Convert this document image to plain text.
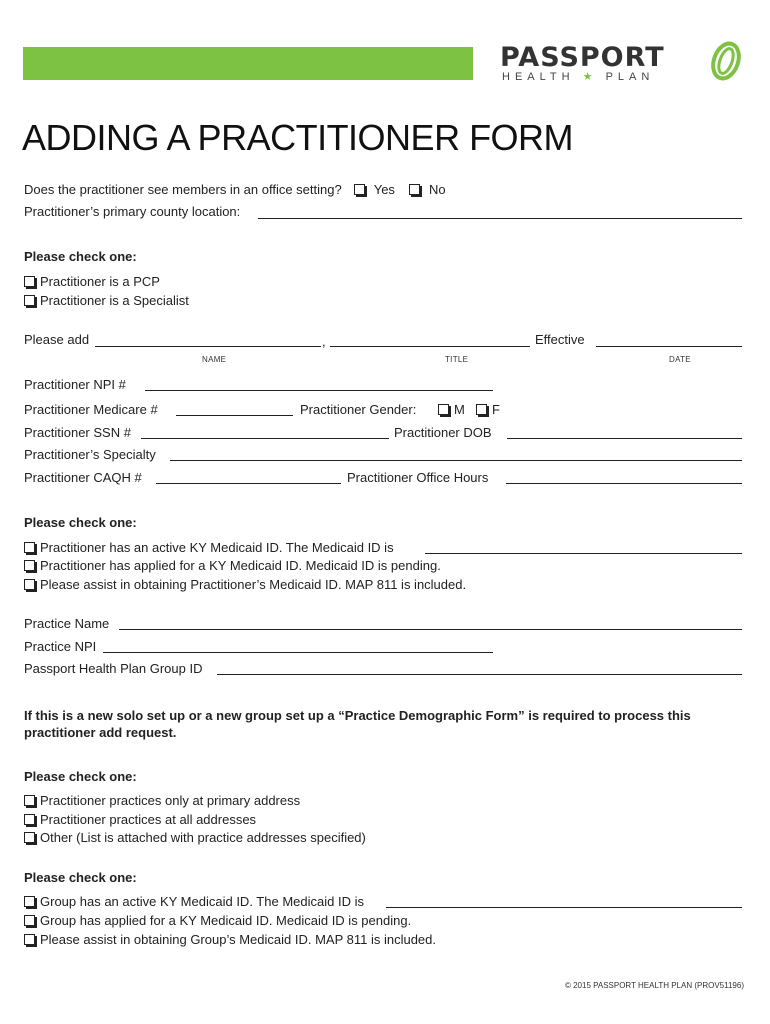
PASSPORT
HEALTH ★ PLAN
ADDING A PRACTITIONER FORM
Does the practitioner see members in an office setting? Yes	No
Practitioner’s primary county location:
Please check one:
Practitioner is a PCP
Practitioner is a Specialist
Please add	,	Effective
NAME	TITLE	DATE
Practitioner NPI #
Practitioner Medicare #	Practitioner Gender:	M	F
Practitioner SSN #	Practitioner DOB
Practitioner’s Specialty
Practitioner CAQH #	Practitioner Office Hours
Please check one:
Practitioner has an active KY Medicaid ID. The Medicaid ID is
Practitioner has applied for a KY Medicaid ID. Medicaid ID is pending.
Please assist in obtaining Practitioner’s Medicaid ID. MAP 811 is included.
Practice Name
Practice NPI
Passport Health Plan Group ID
If this is a new solo set up or a new group set up a “Practice Demographic Form” is required to process this practitioner add request.
Please check one:
Practitioner practices only at primary address
Practitioner practices at all addresses
Other (List is attached with practice addresses specified)
Please check one:
Group has an active KY Medicaid ID. The Medicaid ID is
Group has applied for a KY Medicaid ID. Medicaid ID is pending.
Please assist in obtaining Group’s Medicaid ID. MAP 811 is included.
© 2015 PASSPORT HEALTH PLAN (PROV51196)
